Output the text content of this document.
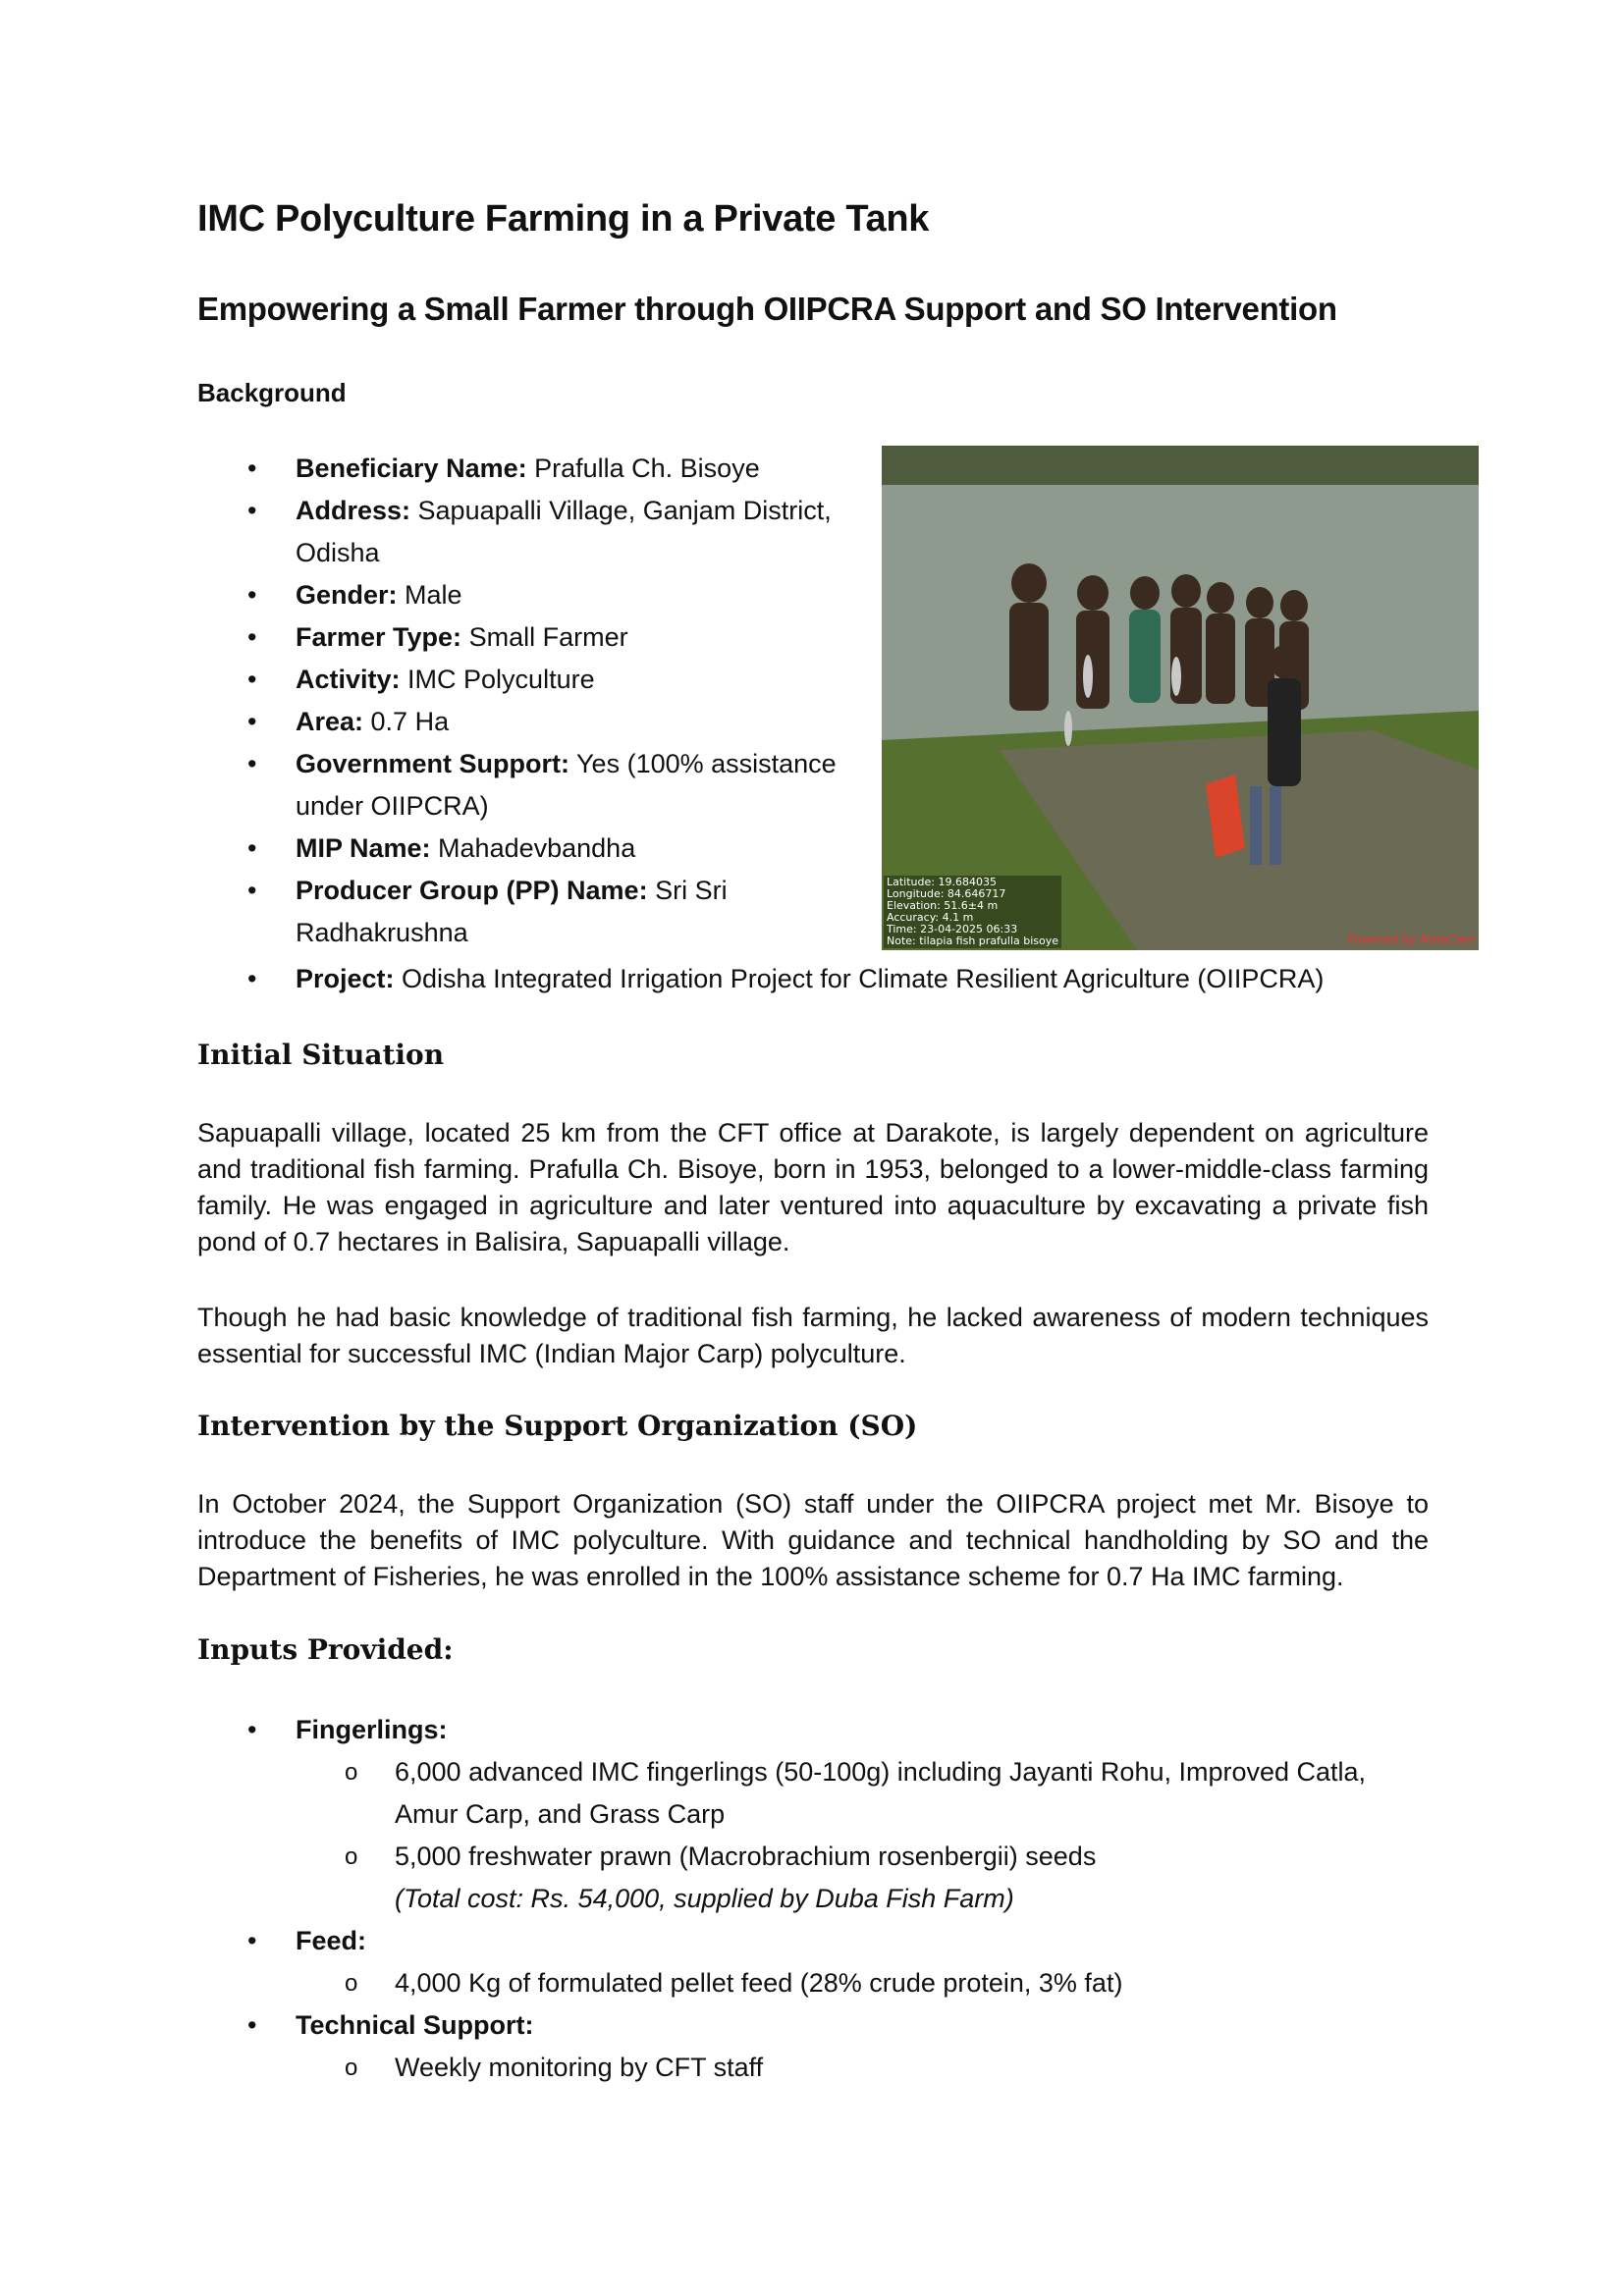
IMC Polyculture Farming in a Private Tank
Empowering a Small Farmer through OIIPCRA Support and SO Intervention
Background
• Beneficiary Name: Prafulla Ch. Bisoye
• Address: Sapuapalli Village, Ganjam District,
Odisha
• Gender: Male
• Farmer Type: Small Farmer
• Activity: IMC Polyculture
• Area: 0.7 Ha
• Government Support: Yes (100% assistance
under OIIPCRA)
• MIP Name: Mahadevbandha
• Producer Group (PP) Name: Sri Sri
Radhakrushna
• Project: Odisha Integrated Irrigation Project for Climate Resilient Agriculture (OIIPCRA)
Latitude: 19.684035
Longitude: 84.646717
Elevation: 51.6±4 m
Accuracy: 4.1 m
Time: 23-04-2025 06:33
Note: tilapia fish prafulla bisoye	Powered by NoteCam
Initial Situation

Sapuapalli village, located 25 km from the CFT office at Darakote, is largely dependent on agriculture and traditional fish farming. Prafulla Ch. Bisoye, born in 1953, belonged to a lower-middle-class farming family. He was engaged in agriculture and later ventured into aquaculture by excavating a private fish pond of 0.7 hectares in Balisira, Sapuapalli village.

Though he had basic knowledge of traditional fish farming, he lacked awareness of modern techniques essential for successful IMC (Indian Major Carp) polyculture.

Intervention by the Support Organization (SO)

In October 2024, the Support Organization (SO) staff under the OIIPCRA project met Mr. Bisoye to introduce the benefits of IMC polyculture. With guidance and technical handholding by SO and the Department of Fisheries, he was enrolled in the 100% assistance scheme for 0.7 Ha IMC farming.

Inputs Provided:
• Fingerlings:
o 6,000 advanced IMC fingerlings (50-100g) including Jayanti Rohu, Improved Catla,
Amur Carp, and Grass Carp
o 5,000 freshwater prawn (Macrobrachium rosenbergii) seeds
(Total cost: Rs. 54,000, supplied by Duba Fish Farm)
• Feed:
o 4,000 Kg of formulated pellet feed (28% crude protein, 3% fat)
• Technical Support:
o Weekly monitoring by CFT staff
